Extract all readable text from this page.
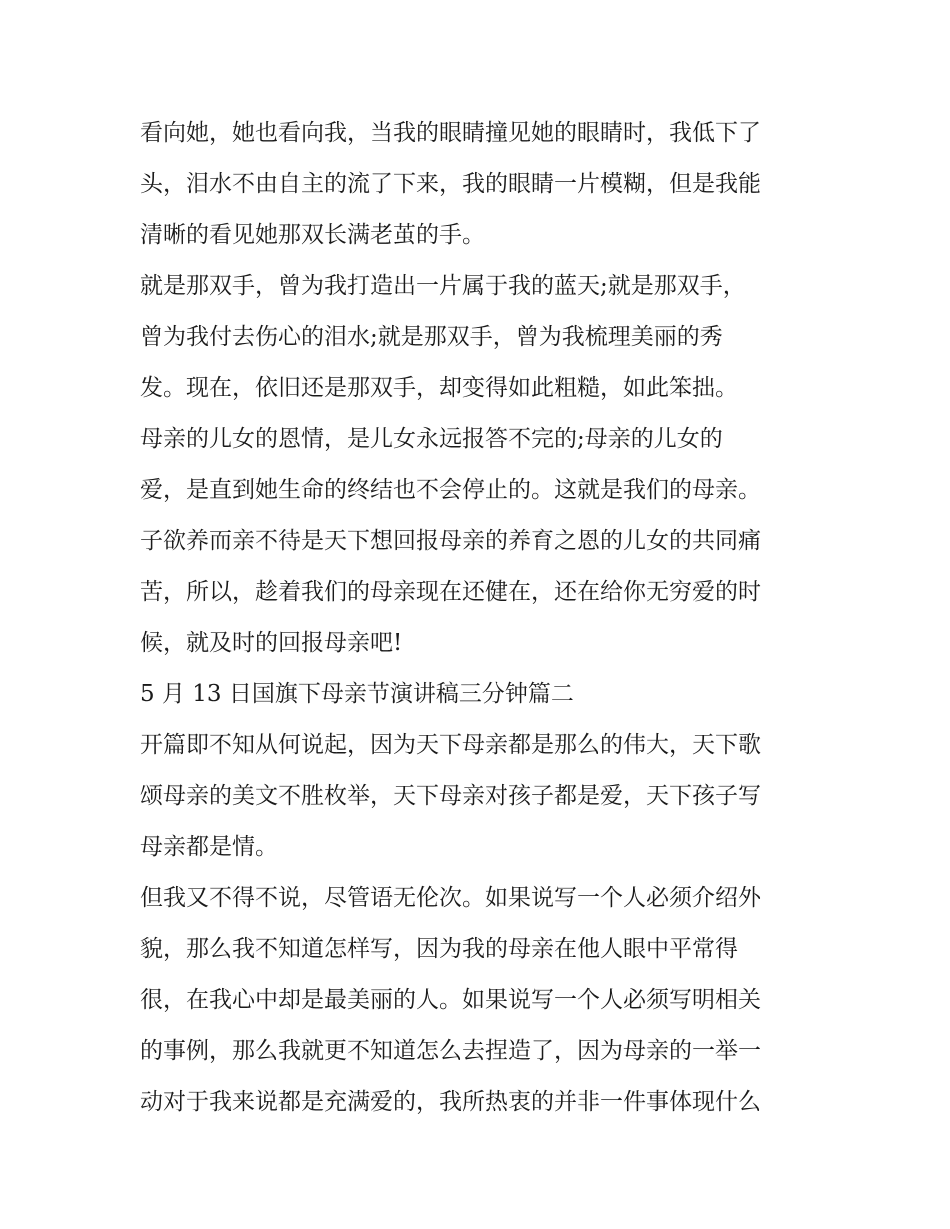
看向她，她也看向我，当我的眼睛撞见她的眼睛时，我低下了
头，泪水不由自主的流了下来，我的眼睛一片模糊，但是我能
清晰的看见她那双长满老茧的手。
就是那双手，曾为我打造出一片属于我的蓝天;就是那双手，
曾为我付去伤心的泪水;就是那双手，曾为我梳理美丽的秀
发。现在，依旧还是那双手，却变得如此粗糙，如此笨拙。
母亲的儿女的恩情，是儿女永远报答不完的;母亲的儿女的
爱，是直到她生命的终结也不会停止的。这就是我们的母亲。
子欲养而亲不待是天下想回报母亲的养育之恩的儿女的共同痛
苦，所以，趁着我们的母亲现在还健在，还在给你无穷爱的时
候，就及时的回报母亲吧!
5 月 13 日国旗下母亲节演讲稿三分钟篇二
开篇即不知从何说起，因为天下母亲都是那么的伟大，天下歌
颂母亲的美文不胜枚举，天下母亲对孩子都是爱，天下孩子写
母亲都是情。
但我又不得不说，尽管语无伦次。如果说写一个人必须介绍外
貌，那么我不知道怎样写，因为我的母亲在他人眼中平常得
很，在我心中却是最美丽的人。如果说写一个人必须写明相关
的事例，那么我就更不知道怎么去捏造了，因为母亲的一举一
动对于我来说都是充满爱的，我所热衷的并非一件事体现什么
